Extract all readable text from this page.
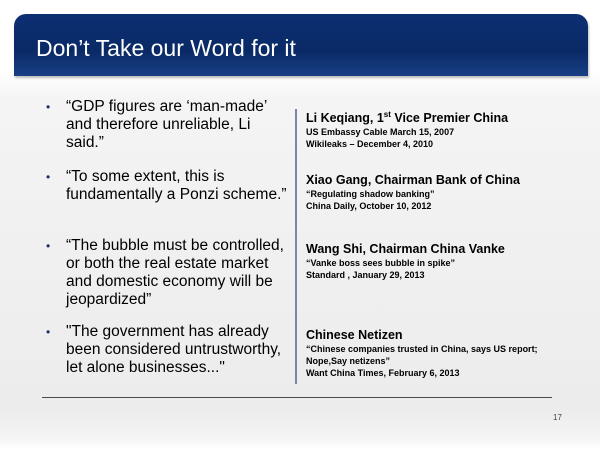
Don’t Take our Word for it
• “GDP figures are ‘man-made’ and therefore unreliable, Li said.”

Li Keqiang, 1st Vice Premier China
US Embassy Cable March 15, 2007
Wikileaks – December 4, 2010
• “To some extent, this is fundamentally a Ponzi scheme.”

Xiao Gang, Chairman Bank of China
“Regulating shadow banking”
China Daily, October 10, 2012
• “The bubble must be controlled, or both the real estate market and domestic economy will be jeopardized”

Wang Shi, Chairman China Vanke
“Vanke boss sees bubble in spike”
Standard , January 29, 2013
• "The government has already been considered untrustworthy, let alone businesses..."

Chinese Netizen
“Chinese companies trusted in China, says US report; Nope,Say netizens”
Want China Times, February 6, 2013
17
